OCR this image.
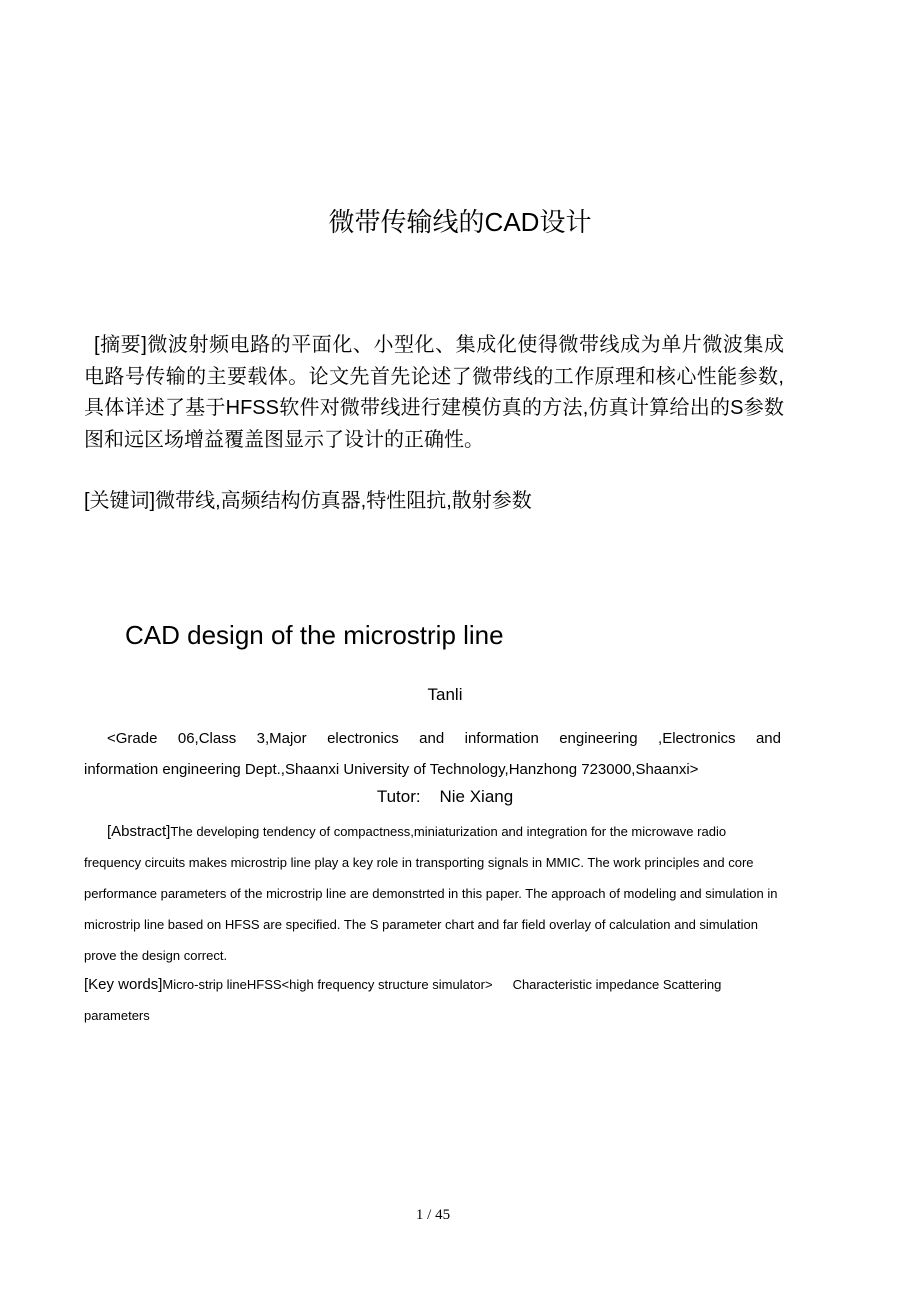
微带传输线的CAD设计

[摘要]微波射频电路的平面化、小型化、集成化使得微带线成为单片微波集成电路号传输的主要载体。论文先首先论述了微带线的工作原理和核心性能参数,具体详述了基于HFSS软件对微带线进行建模仿真的方法,仿真计算给出的S参数图和远区场增益覆盖图显示了设计的正确性。

[关键词]微带线,高频结构仿真器,特性阻抗,散射参数

CAD design of the microstrip line
Tanli
<Grade 06,Class 3,Major electronics and information engineering ,Electronics and
information engineering Dept.,Shaanxi University of Technology,Hanzhong 723000,Shaanxi>
Tutor:    Nie Xiang

[Abstract]The developing tendency of compactness,miniaturization and integration for the microwave radio frequency circuits makes microstrip line play a key role in transporting signals in MMIC. The work principles and core performance parameters of the microstrip line are demonstrted in this paper. The approach of modeling and simulation in microstrip line based on HFSS are specified. The S parameter chart and far field overlay of calculation and simulation prove the design correct.

[Key words]Micro-strip lineHFSS<high frequency structure simulator> Characteristic impedance Scattering parameters

1 / 45
